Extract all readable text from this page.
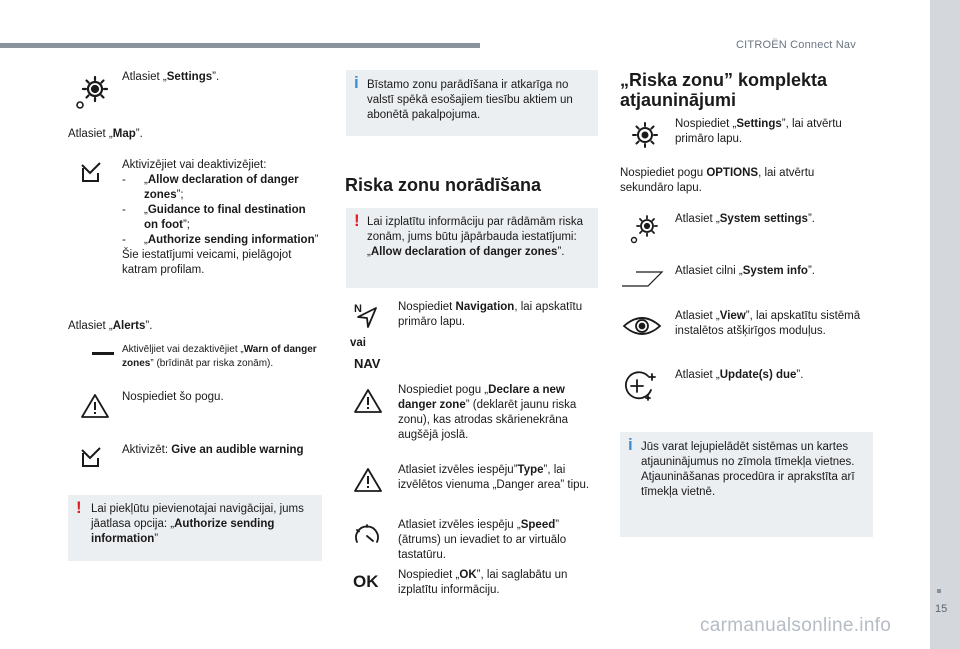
CITROËN Connect Nav
15
carmanualsonline.info
Atlasiet „Settings”.
Atlasiet „Map”.
Aktivizējiet vai deaktivizējiet:
- „Allow declaration of danger zones”;
- „Guidance to final destination on foot”;
- „Authorize sending information”
Šie iestatījumi veicami, pielāgojot katram profilam.
Atlasiet „Alerts”.
Aktivēljiet vai dezaktivējiet „Warn of danger zones” (brīdināt par riska zonām).
Nospiediet šo pogu.
Aktivizēt: Give an audible warning
! Lai piekļūtu pievienotajai navigācijai, jums jāatlasa opcija: „Authorize sending information”
i Bīstamo zonu parādīšana ir atkarīga no valstī spēkā esošajiem tiesību aktiem un abonētā pakalpojuma.
Riska zonu norādīšana
! Lai izplatītu informāciju par rādāmām riska zonām, jums būtu jāpārbauda iestatījumi: „Allow declaration of danger zones”.
N
vai
NAV
Nospiediet Navigation, lai apskatītu primāro lapu.
Nospiediet pogu „Declare a new danger zone” (deklarēt jaunu riska zonu), kas atrodas skārienekrāna augšējā joslā.
Atlasiet izvēles iespēju”Type”, lai izvēlētos vienuma „Danger area” tipu.
Atlasiet izvēles iespēju „Speed” (ātrums) un ievadiet to ar virtuālo tastatūru.
OK Nospiediet „OK”, lai saglabātu un izplatītu informāciju.
„Riska zonu” komplekta atjauninājumi
Nospiediet „Settings”, lai atvērtu primāro lapu.
Nospiediet pogu OPTIONS, lai atvērtu sekundāro lapu.
Atlasiet „System settings”.
Atlasiet cilni „System info”.
Atlasiet „View”, lai apskatītu sistēmā instalētos atšķirīgos moduļus.
Atlasiet „Update(s) due”.
i Jūs varat lejupielādēt sistēmas un kartes atjauninājumus no zīmola tīmekļa vietnes. Atjaunināšanas procedūra ir aprakstīta arī tīmekļa vietnē.
